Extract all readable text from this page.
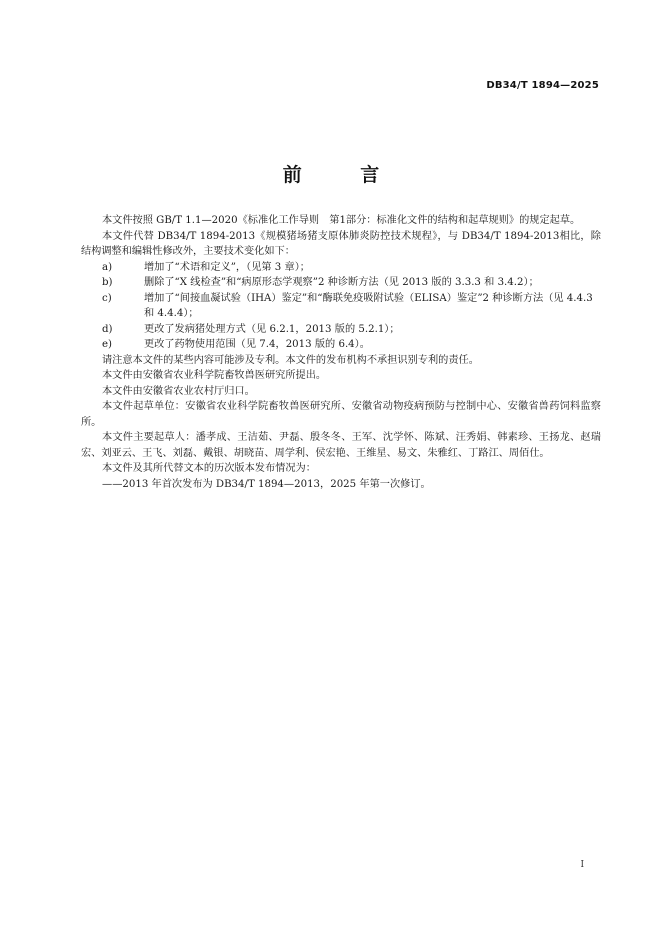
DB34/T 1894—2025
前 言

本文件按照 GB/T 1.1—2020《标准化工作导则　第1部分：标准化文件的结构和起草规则》的规定起草。

本文件代替 DB34/T 1894-2013《规模猪场猪支原体肺炎防控技术规程》，与 DB34/T 1894-2013相比，除结构调整和编辑性修改外，主要技术变化如下：

a)	增加了“术语和定义”，（见第 3 章）；
b)	删除了“X 线检查”和“病原形态学观察”2 种诊断方法（见 2013 版的 3.3.3 和 3.4.2）；
c)	增加了“间接血凝试验（IHA）鉴定”和“酶联免疫吸附试验（ELISA）鉴定”2 种诊断方法（见 4.4.3 和 4.4.4）；
d)	更改了发病猪处理方式（见 6.2.1，2013 版的 5.2.1）；
e)	更改了药物使用范围（见 7.4，2013 版的 6.4）。

请注意本文件的某些内容可能涉及专利。本文件的发布机构不承担识别专利的责任。

本文件由安徽省农业科学院畜牧兽医研究所提出。

本文件由安徽省农业农村厅归口。

本文件起草单位：安徽省农业科学院畜牧兽医研究所、安徽省动物疫病预防与控制中心、安徽省兽药饲料监察所。

本文件主要起草人：潘孝成、王洁茹、尹磊、殷冬冬、王军、沈学怀、陈斌、汪秀娟、韩素珍、王扬龙、赵瑞宏、刘亚云、王飞、刘磊、戴银、胡晓苗、周学利、侯宏艳、王维星、易文、朱雅红、丁路江、周佰仕。

本文件及其所代替文本的历次版本发布情况为：

——2013 年首次发布为 DB34/T 1894—2013，2025 年第一次修订。

I
